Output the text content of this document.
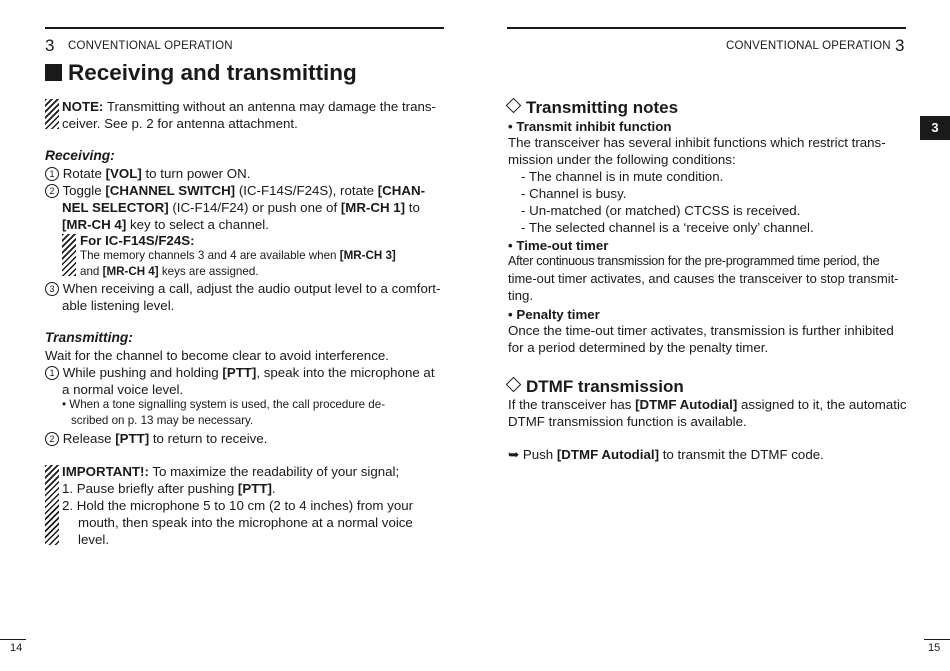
3 CONVENTIONAL OPERATION
Receiving and transmitting
NOTE: Transmitting without an antenna may damage the trans-
ceiver. See p. 2 for antenna attachment.
Receiving:
1 Rotate [VOL] to turn power ON.
2 Toggle [CHANNEL SWITCH] (IC-F14S/F24S), rotate [CHAN-
NEL SELECTOR] (IC-F14/F24) or push one of [MR-CH 1] to
[MR-CH 4] key to select a channel.
For IC-F14S/F24S:
The memory channels 3 and 4 are available when [MR-CH 3]
and [MR-CH 4] keys are assigned.
3 When receiving a call, adjust the audio output level to a comfort-
able listening level.
Transmitting:
Wait for the channel to become clear to avoid interference.
1 While pushing and holding [PTT], speak into the microphone at
a normal voice level.
• When a tone signalling system is used, the call procedure de-
scribed on p. 13 may be necessary.
2 Release [PTT] to return to receive.
IMPORTANT!: To maximize the readability of your signal;
1. Pause briefly after pushing [PTT].
2. Hold the microphone 5 to 10 cm (2 to 4 inches) from your
mouth, then speak into the microphone at a normal voice
level.
14
CONVENTIONAL OPERATION 3
3
Transmitting notes
• Transmit inhibit function
The transceiver has several inhibit functions which restrict trans-
mission under the following conditions:
- The channel is in mute condition.
- Channel is busy.
- Un-matched (or matched) CTCSS is received.
- The selected channel is a ‘receive only’ channel.
• Time-out timer
After continuous transmission for the pre-programmed time period, the
time-out timer activates, and causes the transceiver to stop transmit-
ting.
• Penalty timer
Once the time-out timer activates, transmission is further inhibited
for a period determined by the penalty timer.
DTMF transmission
If the transceiver has [DTMF Autodial] assigned to it, the automatic
DTMF transmission function is available.
➥ Push [DTMF Autodial] to transmit the DTMF code.
15
